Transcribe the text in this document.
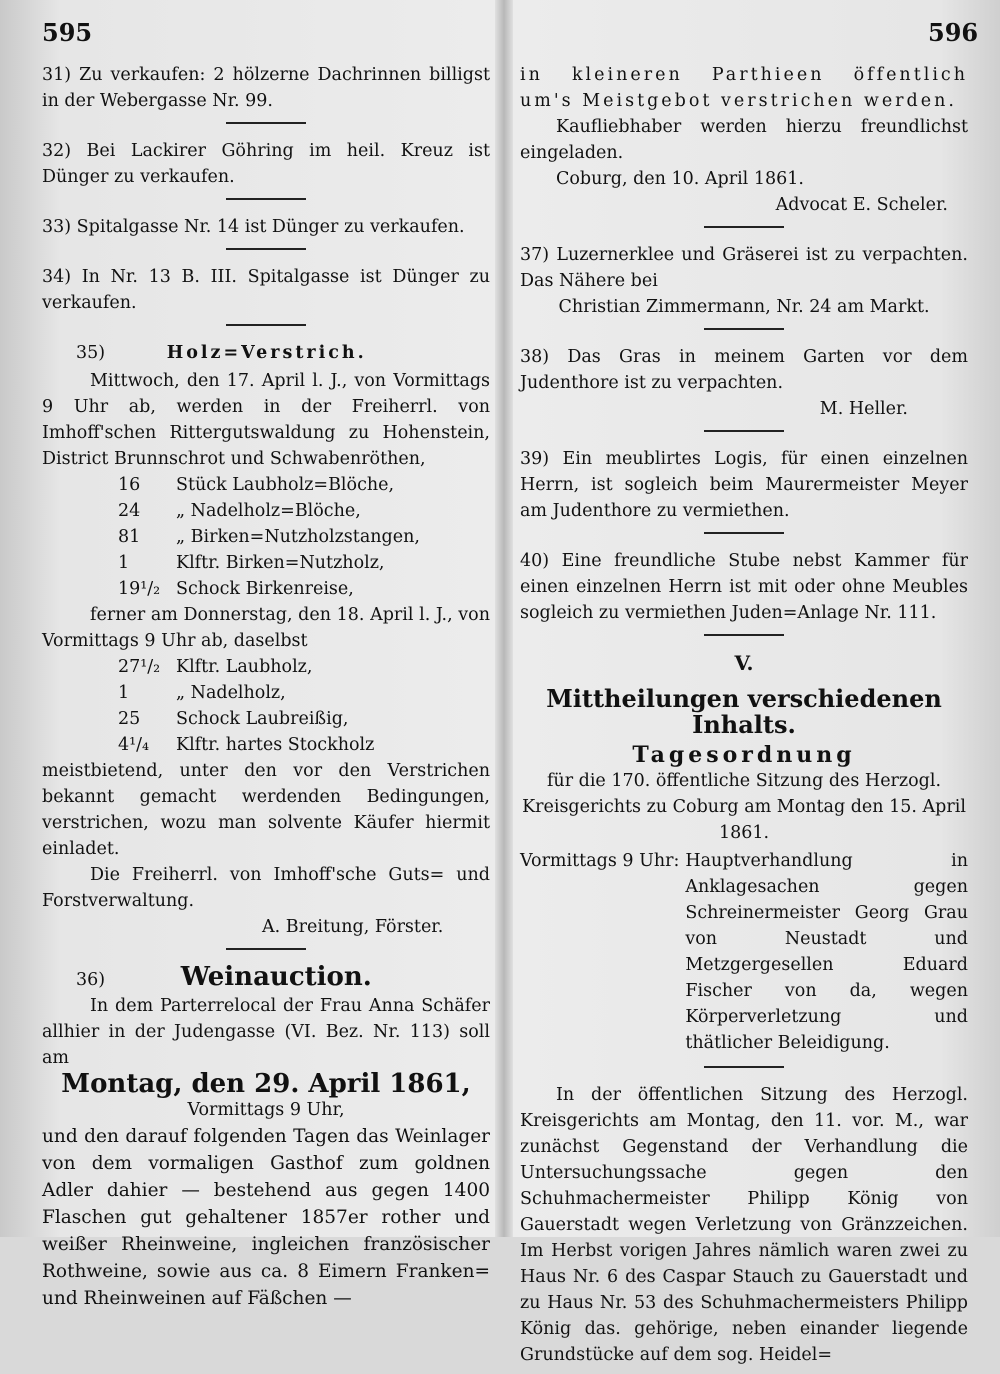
595	596

31) Zu verkaufen: 2 hölzerne Dachrinnen billigst in der Webergasse Nr. 99.

32) Bei Lackirer Göhring im heil. Kreuz ist Dünger zu verkaufen.

33) Spitalgasse Nr. 14 ist Dünger zu verkaufen.

34) In Nr. 13 B. III. Spitalgasse ist Dünger zu verkaufen.

35)	Holz=Verstrich.

Mittwoch, den 17. April l. J., von Vormittags 9 Uhr ab, werden in der Freiherrl. von Imhoff'schen Rittergutswaldung zu Hohenstein, District Brunnschrot und Schwabenröthen,

16	Stück Laubholz=Blöche,
24	„ Nadelholz=Blöche,
81	„ Birken=Nutzholzstangen,
1	Klftr. Birken=Nutzholz,
19¹/₂ Schock Birkenreise,

ferner am Donnerstag, den 18. April l. J., von Vormittags 9 Uhr ab, daselbst

27¹/₂ Klftr. Laubholz,
1	„ Nadelholz,
25	Schock Laubreißig,
4¹/₄	Klftr. hartes Stockholz

meistbietend, unter den vor den Verstrichen bekannt gemacht werdenden Bedingungen, verstrichen, wozu man solvente Käufer hiermit einladet.

Die Freiherrl. von Imhoff'sche Guts= und Forstverwaltung.

A. Breitung, Förster.

36)	Weinauction.

In dem Parterrelocal der Frau Anna Schäfer allhier in der Judengasse (VI. Bez. Nr. 113) soll am

Montag, den 29. April 1861,

Vormittags 9 Uhr,

und den darauf folgenden Tagen das Weinlager von dem vormaligen Gasthof zum goldnen Adler dahier — bestehend aus gegen 1400 Flaschen gut gehaltener 1857er rother und weißer Rheinweine, ingleichen französischer Rothweine, sowie aus ca. 8 Eimern Franken= und Rheinweinen auf Fäßchen —

in kleineren Parthieen öffentlich um's Meistgebot verstrichen werden.

Kaufliebhaber werden hierzu freundlichst eingeladen.

Coburg, den 10. April 1861.

Advocat E. Scheler.

37) Luzernerklee und Gräserei ist zu verpachten. Das Nähere bei

Christian Zimmermann, Nr. 24 am Markt.

38) Das Gras in meinem Garten vor dem Judenthore ist zu verpachten.

M. Heller.

39) Ein meublirtes Logis, für einen einzelnen Herrn, ist sogleich beim Maurermeister Meyer am Judenthore zu vermiethen.

40) Eine freundliche Stube nebst Kammer für einen einzelnen Herrn ist mit oder ohne Meubles sogleich zu vermiethen Juden=Anlage Nr. 111.

V.
Mittheilungen verschiedenen Inhalts.
Tagesordnung

für die 170. öffentliche Sitzung des Herzogl. Kreisgerichts zu Coburg am Montag den 15. April 1861.

Vormittags 9 Uhr: Hauptverhandlung in Anklagesachen gegen Schreinermeister Georg Grau von Neustadt und Metzgergesellen Eduard Fischer von da, wegen Körperverletzung und thätlicher Beleidigung.

In der öffentlichen Sitzung des Herzogl. Kreisgerichts am Montag, den 11. vor. M., war zunächst Gegenstand der Verhandlung die Untersuchungssache gegen den Schuhmachermeister Philipp König von Gauerstadt wegen Verletzung von Gränzzeichen. Im Herbst vorigen Jahres nämlich waren zwei zu Haus Nr. 6 des Caspar Stauch zu Gauerstadt und zu Haus Nr. 53 des Schuhmachermeisters Philipp König das. gehörige, neben einander liegende Grundstücke auf dem sog. Heidel=
